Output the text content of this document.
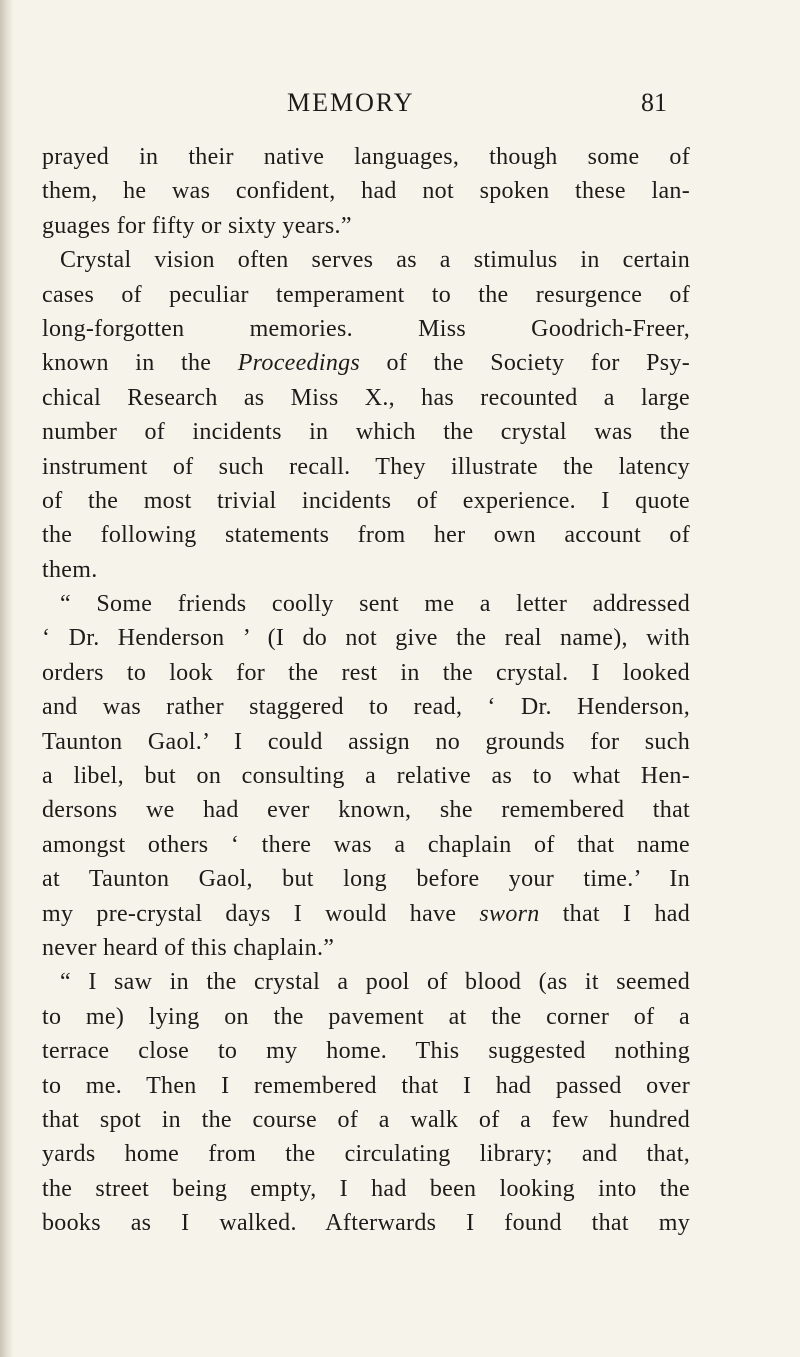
MEMORY	81
prayed in their native languages, though some of
them, he was confident, had not spoken these lan-
guages for fifty or sixty years.”
Crystal vision often serves as a stimulus in certain
cases of peculiar temperament to the resurgence of
long-forgotten memories. Miss Goodrich-Freer,
known in the Proceedings of the Society for Psy-
chical Research as Miss X., has recounted a large
number of incidents in which the crystal was the
instrument of such recall. They illustrate the latency
of the most trivial incidents of experience. I quote
the following statements from her own account of
them.
“ Some friends coolly sent me a letter addressed
‘ Dr. Henderson ’ (I do not give the real name), with
orders to look for the rest in the crystal. I looked
and was rather staggered to read, ‘ Dr. Henderson,
Taunton Gaol.’ I could assign no grounds for such
a libel, but on consulting a relative as to what Hen-
dersons we had ever known, she remembered that
amongst others ‘ there was a chaplain of that name
at Taunton Gaol, but long before your time.’ In
my pre-crystal days I would have sworn that I had
never heard of this chaplain.”
“ I saw in the crystal a pool of blood (as it seemed
to me) lying on the pavement at the corner of a
terrace close to my home. This suggested nothing
to me. Then I remembered that I had passed over
that spot in the course of a walk of a few hundred
yards home from the circulating library; and that,
the street being empty, I had been looking into the
books as I walked. Afterwards I found that my
